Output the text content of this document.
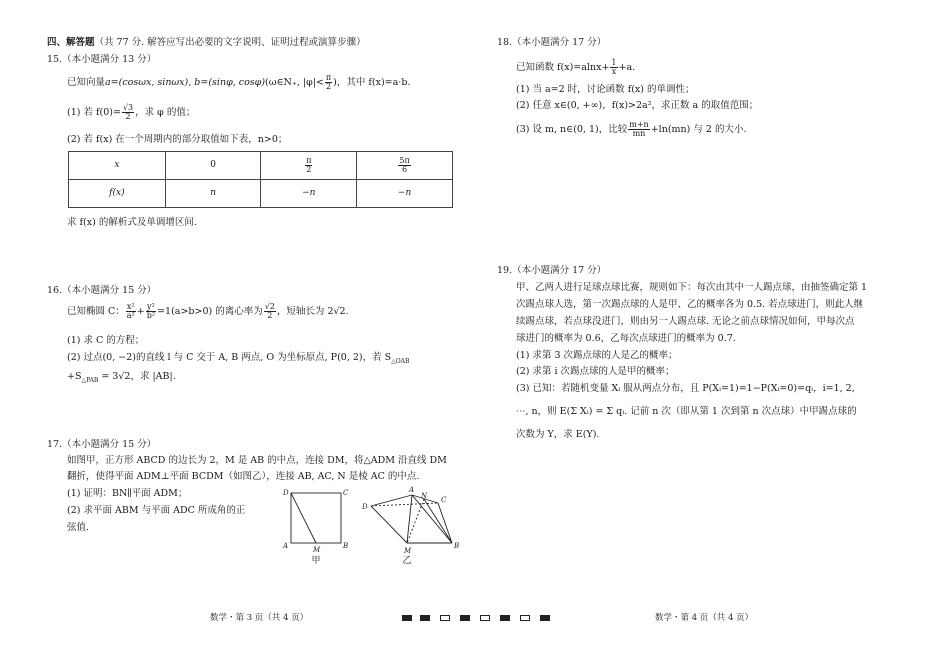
四、解答题（共 77 分. 解答应写出必要的文字说明、证明过程或演算步骤）
15.（本小题满分 13 分）
已知向量a=(cosωx, sinωx), b=(sinφ, cosφ)(ω∈N₊, $|\varphi|< \frac{\pi}{2}$ )，其中 f(x)=a·b.
(1) 若 $f(0)= \frac{√3}{2}$ ，求 φ 的值；
(2) 若 f(x) 在一个周期内的部分取值如下表，n>0；
x	0	$\frac{\pi}{2}$	$\frac{5\pi}{6}$

f(x)	n	−n	−n
求 f(x) 的解析式及单调增区间.
16.（本小题满分 15 分）
已知椭圆 C： $\frac{\text{x²}}{\text{a²}} + \frac{\text{y²}}{\text{b²}} =1(a>b>0)$ 的离心率为 $\frac{√2}{2}$ ，短轴长为 2√2.
(1) 求 C 的方程；
(2) 过点(0, −2)的直线 l 与 C 交于 A, B 两点, O 为坐标原点, P(0, 2)，若 $S_{\triangle OAB}$
$+S_{\triangle PAB} = 3√2$，求 |AB|.
17.（本小题满分 15 分）
如图甲，正方形 ABCD 的边长为 2，M 是 AB 的中点，连接 DM，将△ADM 沿直线 DM
翻折，使得平面 ADM⊥平面 BCDM（如图乙），连接 AB, AC, N 是棱 AC 的中点.
(1) 证明：BN∥平面 ADM；
(2) 求平面 ABM 与平面 ADC 所成角的正
弦值.
D	C
A	M	B
甲
A
N C
D
M
B
乙
18.（本小题满分 17 分）
已知函数 $f(x)=alnx+ \frac{1}{x} +a$.
(1) 当 a=2 时，讨论函数 f(x) 的单调性；
(2) 任意 x∈(0, +∞)，f(x)>2a²，求正数 a 的取值范围；
(3) 设 m, n∈(0, 1)，比较 $\frac{m+n}{mn} +\ln(mn)$ 与 2 的大小.
19.（本小题满分 17 分）
甲、乙两人进行足球点球比赛，规则如下：每次由其中一人踢点球，由抽签确定第 1
次踢点球人选，第一次踢点球的人是甲、乙的概率各为 0.5. 若点球进门，则此人继
续踢点球，若点球没进门，则由另一人踢点球. 无论之前点球情况如何，甲每次点
球进门的概率为 0.6，乙每次点球进门的概率为 0.7.
(1) 求第 3 次踢点球的人是乙的概率；
(2) 求第 i 次踢点球的人是甲的概率；
(3) 已知：若随机变量 Xᵢ 服从两点分布，且 P(Xᵢ=1)=1−P(Xᵢ=0)=qᵢ，i=1, 2,
⋯, n，则 E(Σ Xᵢ) = Σ qᵢ. 记前 n 次（即从第 1 次到第 n 次点球）中甲踢点球的
次数为 Y，求 E(Y).
数学・第 3 页（共 4 页）	数学・第 4 页（共 4 页）
